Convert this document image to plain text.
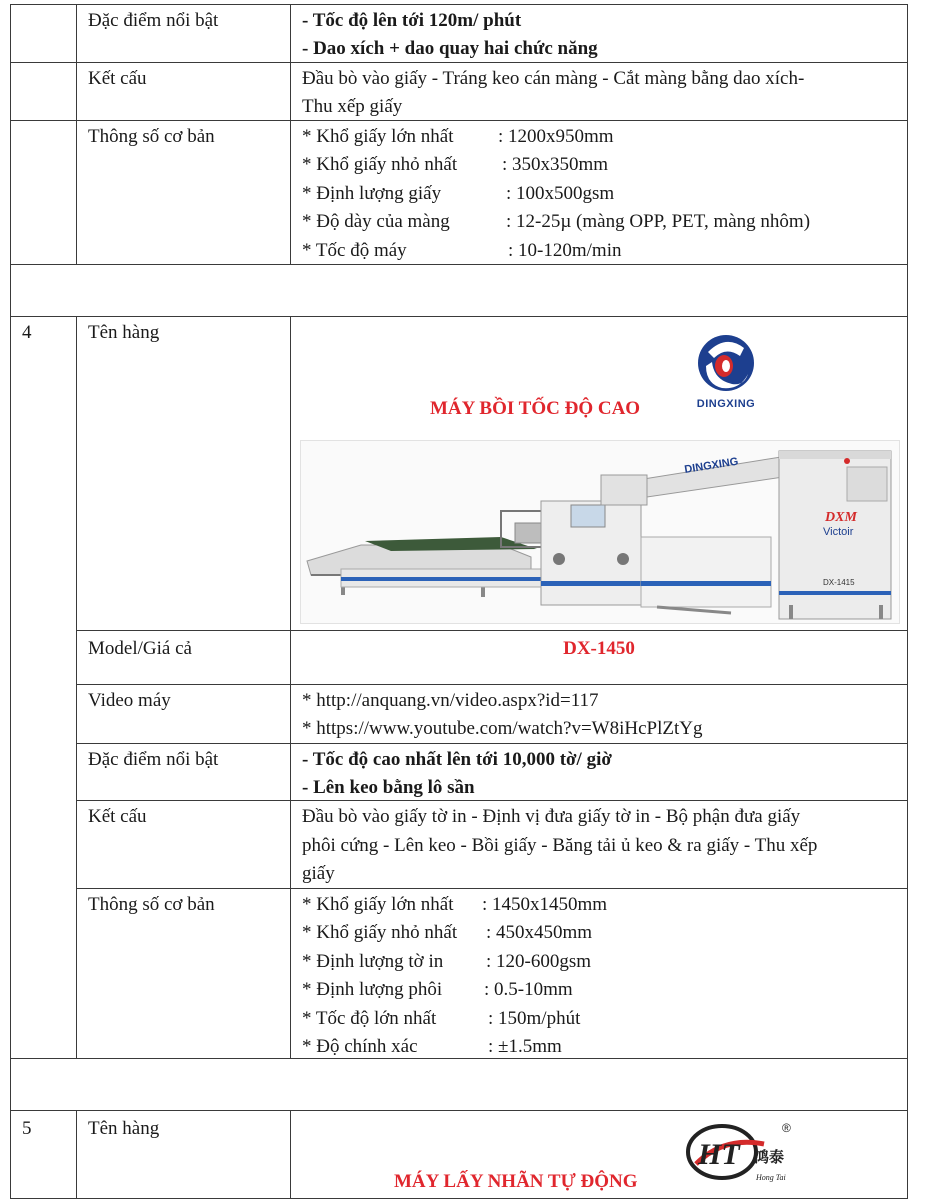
Đặc điểm nổi bật	- Tốc độ lên tới 120m/ phút
- Dao xích + dao quay hai chức năng
Kết cấu	Đầu bò vào giấy - Tráng keo cán màng - Cắt màng bằng dao xích-
Thu xếp giấy
Thông số cơ bản	* Khổ giấy lớn nhất : 1200x950mm
* Khổ giấy nhỏ nhất : 350x350mm
* Định lượng giấy	: 100x500gsm
* Độ dày của màng	: 12-25µ (màng OPP, PET, màng nhôm)
* Tốc độ máy	: 10-120m/min
4	Tên hàng
MÁY BỒI TỐC ĐỘ CAO	DINGXING
DINGXING
DXM
Victoir
DX-1415
Model/Giá cả	DX-1450
Video máy	* http://anquang.vn/video.aspx?id=117
* https://www.youtube.com/watch?v=W8iHcPlZtYg
Đặc điểm nổi bật	- Tốc độ cao nhất lên tới 10,000 tờ/ giờ
- Lên keo bằng lô sần
Kết cấu	Đầu bò vào giấy tờ in - Định vị đưa giấy tờ in - Bộ phận đưa giấy
phôi cứng - Lên keo - Bồi giấy - Băng tải ủ keo & ra giấy - Thu xếp
giấy
Thông số cơ bản	* Khổ giấy lớn nhất : 1450x1450mm
* Khổ giấy nhỏ nhất : 450x450mm
* Định lượng tờ in : 120-600gsm
* Định lượng phôi : 0.5-10mm
* Tốc độ lớn nhất	: 150m/phút
* Độ chính xác	: ±1.5mm
5	Tên hàng
MÁY LẤY NHÃN TỰ ĐỘNG
HT 鸿泰
Hong Tai
®
